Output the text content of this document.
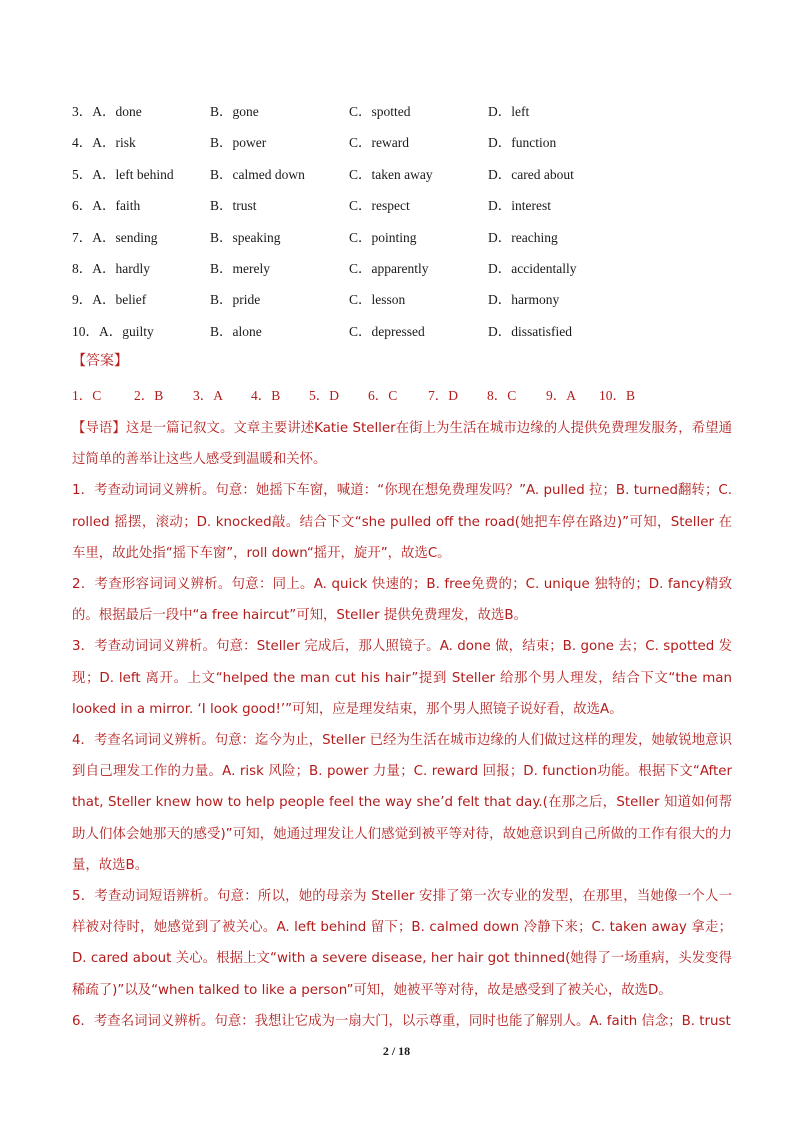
3．A．done	B．gone	C．spotted	D．left
4．A．risk	B．power	C．reward	D．function
5．A．left behind	B．calmed down	C．taken away	D．cared about
6．A．faith	B．trust	C．respect	D．interest
7．A．sending	B．speaking	C．pointing	D．reaching
8．A．hardly	B．merely	C．apparently	D．accidentally
9．A．belief	B．pride	C．lesson	D．harmony
10．A．guilty	B．alone	C．depressed	D．dissatisfied
【答案】
1．C 2．B 3．A 4．B 5．D 6．C 7．D 8．C 9．A 10．B

【导语】这是一篇记叙文。文章主要讲述Katie Steller在街上为生活在城市边缘的人提供免费理发服务，希望通过简单的善举让这些人感受到温暖和关怀。

1．考查动词词义辨析。句意：她摇下车窗，喊道：“你现在想免费理发吗？”A. pulled 拉；B. turned翻转；C. rolled 摇摆，滚动；D. knocked敲。结合下文“she pulled off the road(她把车停在路边)”可知，Steller 在车里，故此处指“摇下车窗”，roll down“摇开，旋开”，故选C。

2．考查形容词词义辨析。句意：同上。A. quick 快速的；B. free免费的；C. unique 独特的；D. fancy精致的。根据最后一段中“a free haircut”可知，Steller 提供免费理发，故选B。

3．考查动词词义辨析。句意：Steller 完成后，那人照镜子。A. done 做，结束；B. gone 去；C. spotted 发现；D. left 离开。上文“helped the man cut his hair”提到 Steller 给那个男人理发，结合下文“the man looked in a mirror. ‘I look good!’”可知，应是理发结束，那个男人照镜子说好看，故选A。

4．考查名词词义辨析。句意：迄今为止，Steller 已经为生活在城市边缘的人们做过这样的理发，她敏锐地意识到自己理发工作的力量。A. risk 风险；B. power 力量；C. reward 回报；D. function功能。根据下文“After that, Steller knew how to help people feel the way she’d felt that day.(在那之后，Steller 知道如何帮助人们体会她那天的感受)”可知，她通过理发让人们感觉到被平等对待，故她意识到自己所做的工作有很大的力量，故选B。

5．考查动词短语辨析。句意：所以，她的母亲为 Steller 安排了第一次专业的发型，在那里，当她像一个人一样被对待时，她感觉到了被关心。A. left behind 留下；B. calmed down 冷静下来；C. taken away 拿走；D. cared about 关心。根据上文“with a severe disease, her hair got thinned(她得了一场重病，头发变得稀疏了)”以及“when talked to like a person”可知，她被平等对待，故是感受到了被关心，故选D。

6．考查名词词义辨析。句意：我想让它成为一扇大门，以示尊重，同时也能了解别人。A. faith 信念；B. trust

2 / 18
